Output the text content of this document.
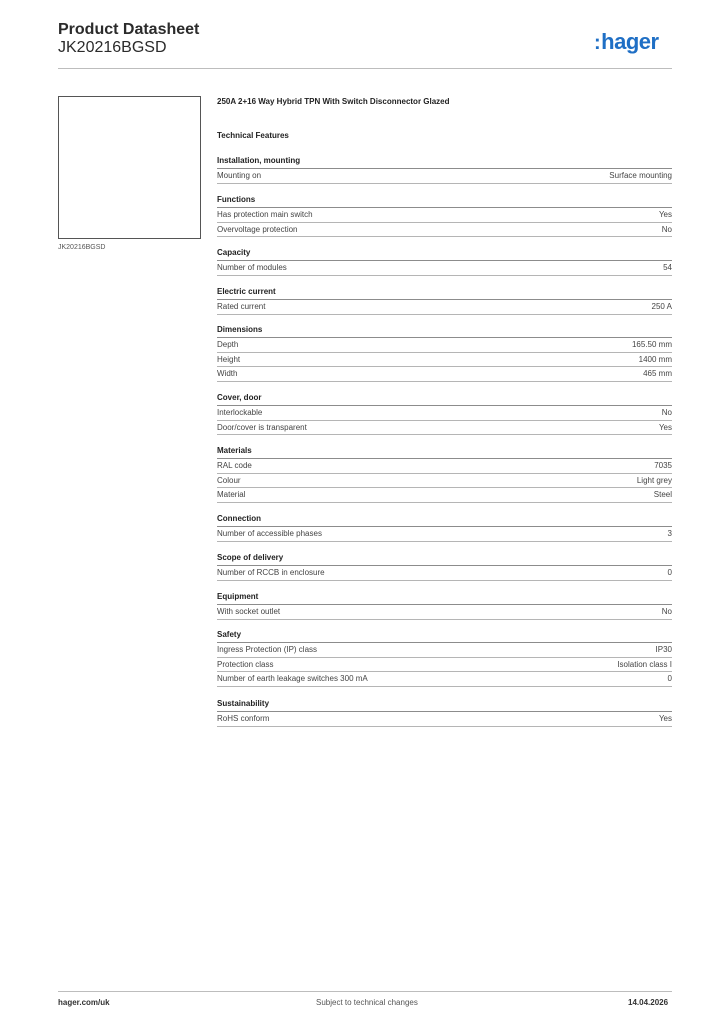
Product Datasheet
JK20216BGSD	:hager
JK20216BGSD
250A 2+16 Way Hybrid TPN With Switch Disconnector Glazed
Technical Features
Installation, mounting
Mounting on	Surface mounting
Functions
Has protection main switch	Yes
Overvoltage protection	No
Capacity
Number of modules	54
Electric current
Rated current	250 A
Dimensions
Depth	165.50 mm
Height	1400 mm
Width	465 mm
Cover, door
Interlockable	No
Door/cover is transparent	Yes
Materials
RAL code	7035
Colour	Light grey
Material	Steel
Connection
Number of accessible phases	3
Scope of delivery
Number of RCCB in enclosure	0
Equipment
With socket outlet	No
Safety
Ingress Protection (IP) class	IP30
Protection class	Isolation class I
Number of earth leakage switches 300 mA	0
Sustainability
RoHS conform	Yes
hager.com/uk	Subject to technical changes	14.04.2026
